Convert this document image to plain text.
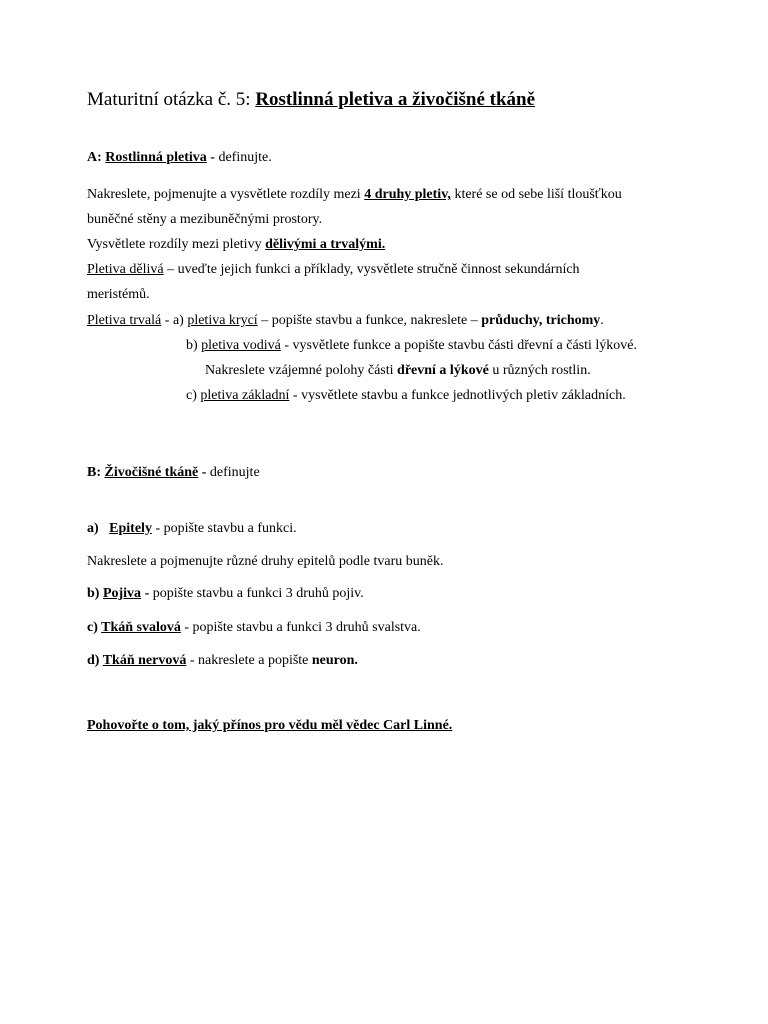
Maturitní otázka č. 5: Rostlinná pletiva a živočišné tkáně
A: Rostlinná pletiva - definujte.
Nakreslete, pojmenujte a vysvětlete rozdíly mezi 4 druhy pletiv, které se od sebe liší tloušťkou
buněčné stěny a mezibuněčnými prostory.
Vysvětlete rozdíly mezi pletivy dělivými a trvalými.
Pletiva dělivá – uveďte jejich funkci a příklady, vysvětlete stručně činnost sekundárních
meristémů.
Pletiva trvalá - a) pletiva krycí – popište stavbu a funkce, nakreslete – průduchy, trichomy.
b) pletiva vodivá - vysvětlete funkce a popište stavbu části dřevní a části lýkové.
Nakreslete vzájemné polohy části dřevní a lýkové u různých rostlin.
c) pletiva základní - vysvětlete stavbu a funkce jednotlivých pletiv základních.
B: Živočišné tkáně - definujte
a)   Epitely - popište stavbu a funkci.
Nakreslete a pojmenujte různé druhy epitelů podle tvaru buněk.
b) Pojiva - popište stavbu a funkci 3 druhů pojiv.
c) Tkáň svalová - popište stavbu a funkci 3 druhů svalstva.
d) Tkáň nervová - nakreslete a popište neuron.
Pohovořte o tom, jaký přínos pro vědu měl vědec Carl Linné.
